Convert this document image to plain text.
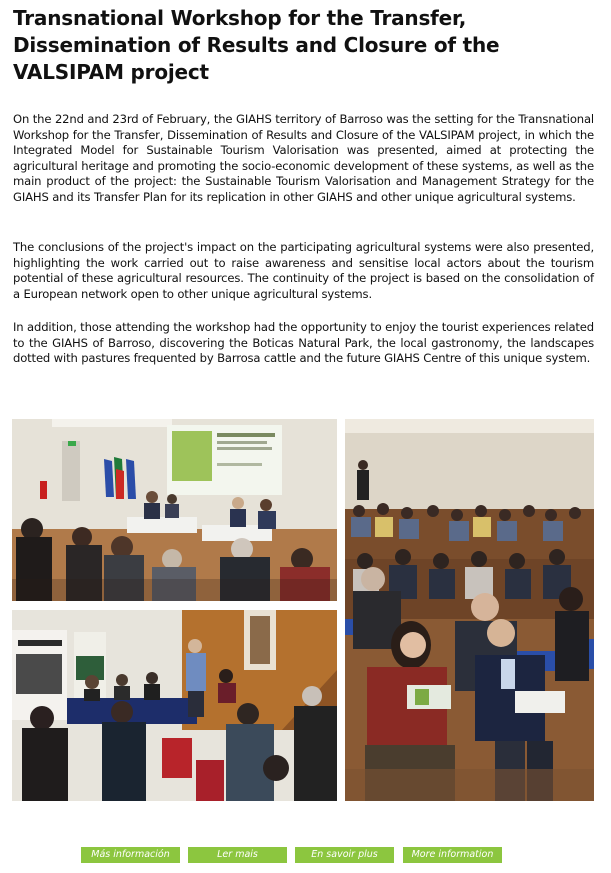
Transnational Workshop for the Transfer, Dissemination of Results and Closure of the VALSIPAM project

On the 22nd and 23rd of February, the GIAHS territory of Barroso was the setting for the Transnational Workshop for the Transfer, Dissemination of Results and Closure of the VALSIPAM project, in which the Integrated Model for Sustainable Tourism Valorisation was presented, aimed at protecting the agricultural heritage and promoting the socio-economic development of these systems, as well as the main product of the project: the Sustainable Tourism Valorisation and Management Strategy for the GIAHS and its Transfer Plan for its replication in other GIAHS and other unique agricultural systems.

The conclusions of the project's impact on the participating agricultural systems were also presented, highlighting the work carried out to raise awareness and sensitise local actors about the tourism potential of these agricultural resources. The continuity of the project is based on the consolidation of a European network open to other unique agricultural systems.

In addition, those attending the workshop had the opportunity to enjoy the tourist experiences related to the GIAHS of Barroso, discovering the Boticas Natural Park, the local gastronomy, the landscapes dotted with pastures frequented by Barrosa cattle and the future GIAHS Centre of this unique system.

Más información	Ler mais	En savoir plus	More information
